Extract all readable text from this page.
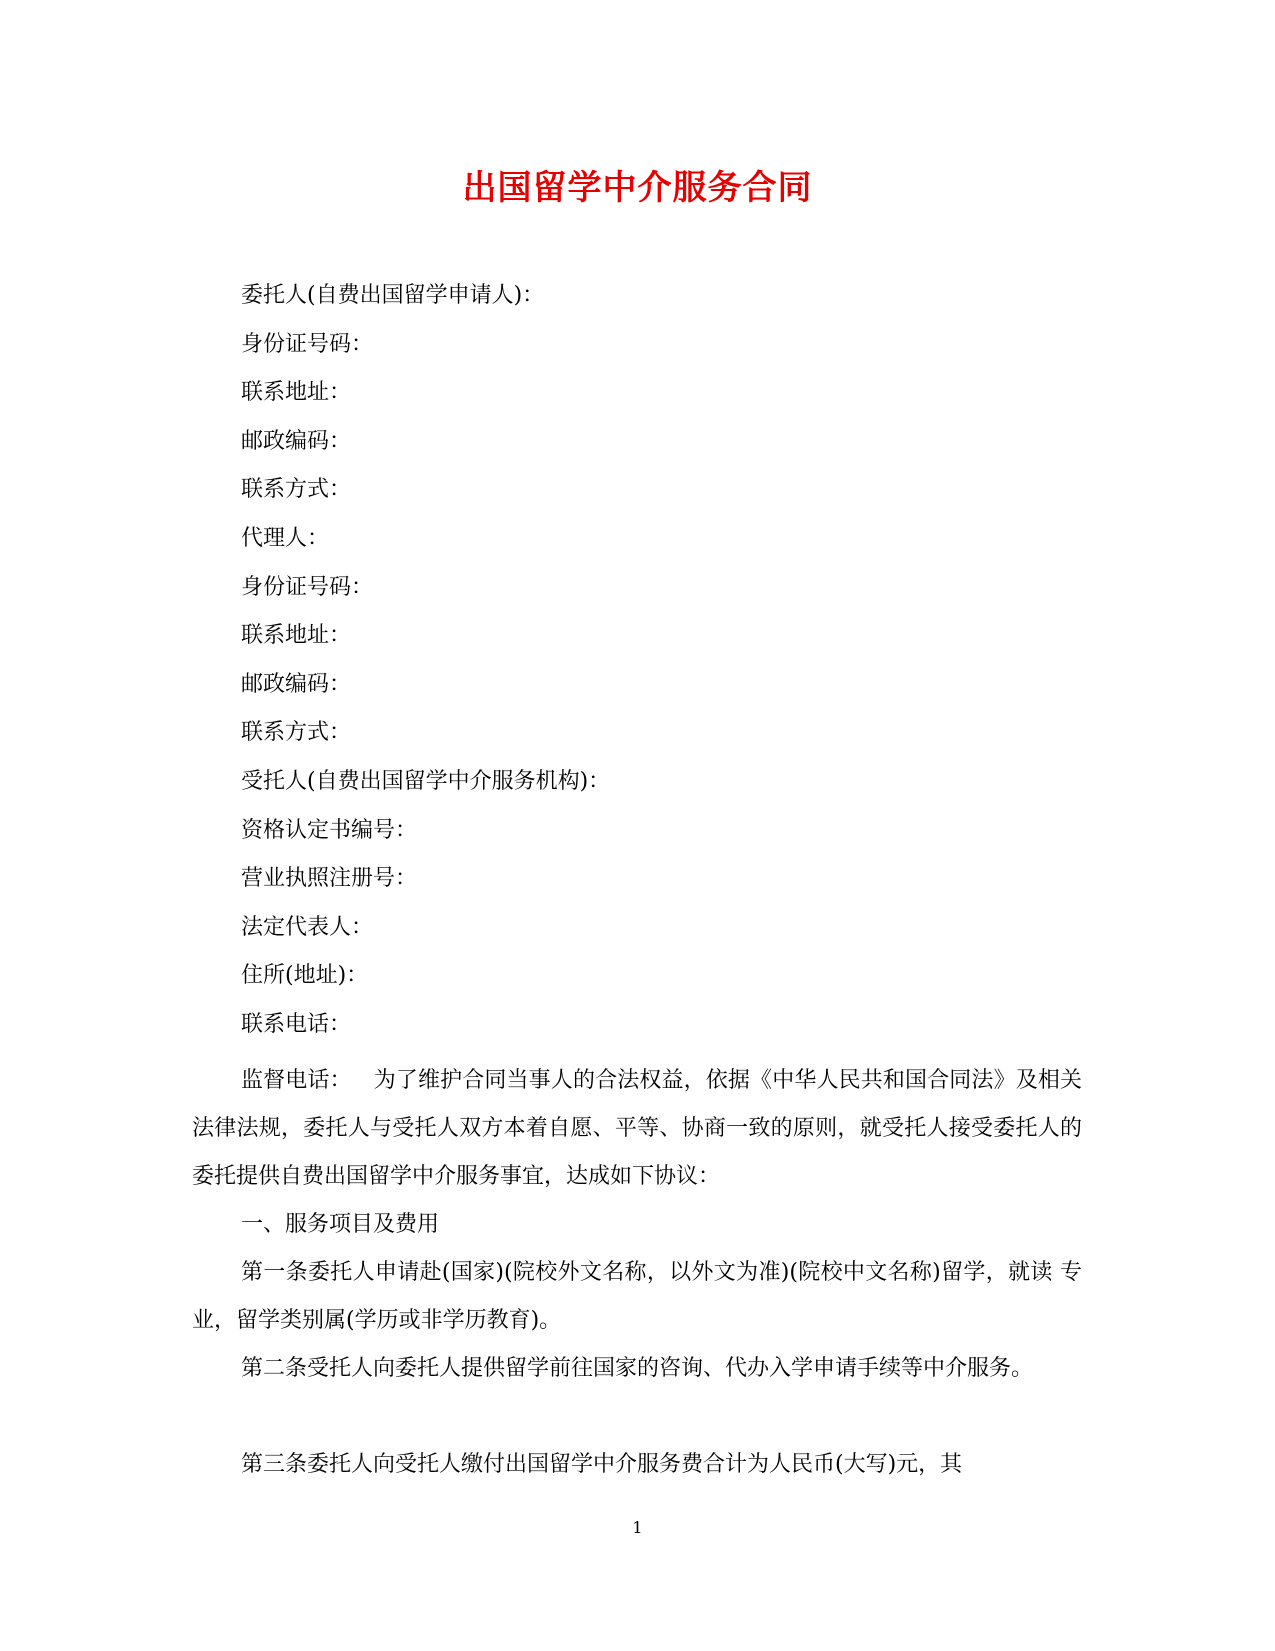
出国留学中介服务合同
委托人(自费出国留学申请人)：
身份证号码：
联系地址：
邮政编码：
联系方式：
代理人：
身份证号码：
联系地址：
邮政编码：
联系方式：
受托人(自费出国留学中介服务机构)：
资格认定书编号：
营业执照注册号：
法定代表人：
住所(地址)：
联系电话：

监督电话： 为了维护合同当事人的合法权益，依据《中华人民共和国合同法》及相关法律法规，委托人与受托人双方本着自愿、平等、协商一致的原则，就受托人接受委托人的委托提供自费出国留学中介服务事宜，达成如下协议：

一、服务项目及费用

第一条委托人申请赴(国家)(院校外文名称，以外文为准)(院校中文名称)留学，就读 专业，留学类别属(学历或非学历教育)。

第二条受托人向委托人提供留学前往国家的咨询、代办入学申请手续等中介服务。

第三条委托人向受托人缴付出国留学中介服务费合计为人民币(大写)元，其

1
